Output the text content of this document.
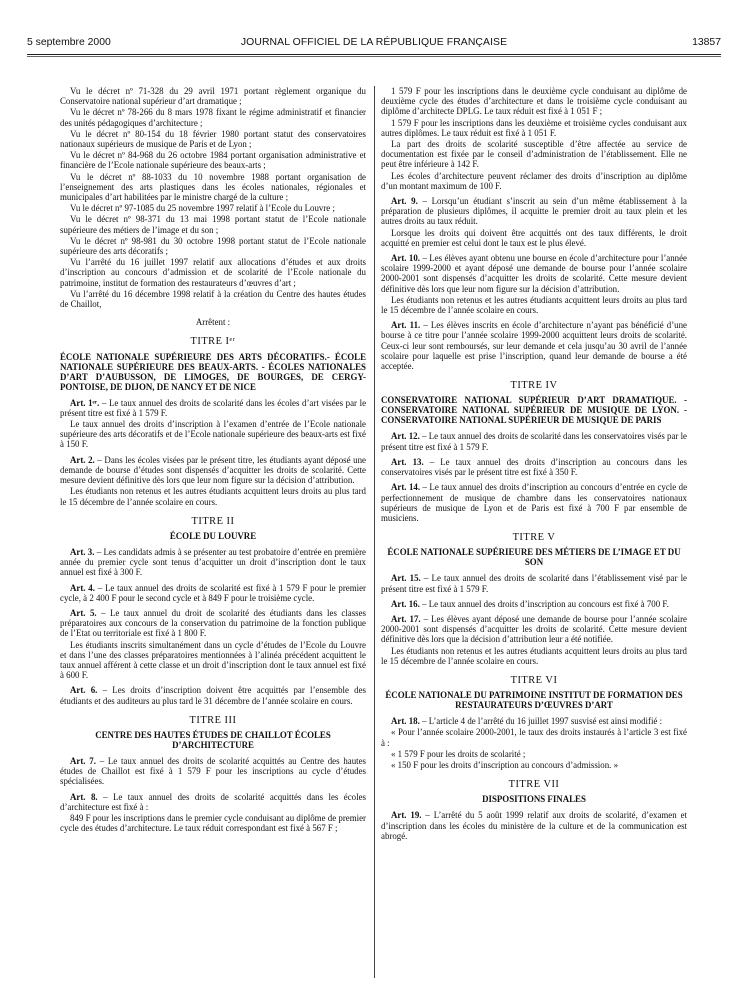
5 septembre 2000	JOURNAL OFFICIEL DE LA RÉPUBLIQUE FRANÇAISE	13857

Vu le décret nº 71-328 du 29 avril 1971 portant règlement organique du Conservatoire national supérieur d’art dramatique ;

Vu le décret nº 78-266 du 8 mars 1978 fixant le régime administratif et financier des unités pédagogiques d’architecture ;

Vu le décret nº 80-154 du 18 février 1980 portant statut des conservatoires nationaux supérieurs de musique de Paris et de Lyon ;

Vu le décret nº 84-968 du 26 octobre 1984 portant organisation administrative et financière de l’Ecole nationale supérieure des beaux-arts ;

Vu le décret nº 88-1033 du 10 novembre 1988 portant organisation de l’enseignement des arts plastiques dans les écoles nationales, régionales et municipales d’art habilitées par le ministre chargé de la culture ;

Vu le décret nº 97-1085 du 25 novembre 1997 relatif à l’Ecole du Louvre ;

Vu le décret nº 98-371 du 13 mai 1998 portant statut de l’Ecole nationale supérieure des métiers de l’image et du son ;

Vu le décret nº 98-981 du 30 octobre 1998 portant statut de l’Ecole nationale supérieure des arts décoratifs ;

Vu l’arrêté du 16 juillet 1997 relatif aux allocations d’études et aux droits d’inscription au concours d’admission et de scolarité de l’Ecole nationale du patrimoine, institut de formation des restaurateurs d’œuvres d’art ;

Vu l’arrêté du 16 décembre 1998 relatif à la création du Centre des hautes études de Chaillot,

Arrêtent :

TITRE Iᵉʳ
ÉCOLE NATIONALE SUPÉRIEURE DES ARTS DÉCORATIFS.- ÉCOLE NATIONALE SUPÉRIEURE DES BEAUX-ARTS. - ÉCOLES NATIONALES D’ART D’AUBUSSON, DE LIMOGES, DE BOURGES, DE CERGY-PONTOISE, DE DIJON, DE NANCY ET DE NICE

Art. 1ᵉʳ. – Le taux annuel des droits de scolarité dans les écoles d’art visées par le présent titre est fixé à 1 579 F.

Le taux annuel des droits d’inscription à l’examen d’entrée de l’Ecole nationale supérieure des arts décoratifs et de l’Ecole nationale supérieure des beaux-arts est fixé à 150 F.

Art. 2. – Dans les écoles visées par le présent titre, les étudiants ayant déposé une demande de bourse d’études sont dispensés d’acquitter les droits de scolarité. Cette mesure devient définitive dès lors que leur nom figure sur la décision d’attribution.

Les étudiants non retenus et les autres étudiants acquittent leurs droits au plus tard le 15 décembre de l’année scolaire en cours.

TITRE II
ÉCOLE DU LOUVRE

Art. 3. – Les candidats admis à se présenter au test probatoire d’entrée en première année du premier cycle sont tenus d’acquitter un droit d’inscription dont le taux annuel est fixé à 300 F.

Art. 4. – Le taux annuel des droits de scolarité est fixé à 1 579 F pour le premier cycle, à 2 400 F pour le second cycle et à 849 F pour le troisième cycle.

Art. 5. – Le taux annuel du droit de scolarité des étudiants dans les classes préparatoires aux concours de la conservation du patrimoine de la fonction publique de l’Etat ou territoriale est fixé à 1 800 F.

Les étudiants inscrits simultanément dans un cycle d’études de l’Ecole du Louvre et dans l’une des classes préparatoires mentionnées à l’alinéa précédent acquittent le taux annuel afférent à cette classe et un droit d’inscription dont le taux annuel est fixé à 600 F.

Art. 6. – Les droits d’inscription doivent être acquittés par l’ensemble des étudiants et des auditeurs au plus tard le 31 décembre de l’année scolaire en cours.

TITRE III
CENTRE DES HAUTES ÉTUDES DE CHAILLOT ÉCOLES D’ARCHITECTURE

Art. 7. – Le taux annuel des droits de scolarité acquittés au Centre des hautes études de Chaillot est fixé à 1 579 F pour les inscriptions au cycle d’études spécialisées.

Art. 8. – Le taux annuel des droits de scolarité acquittés dans les écoles d’architecture est fixé à :

849 F pour les inscriptions dans le premier cycle conduisant au diplôme de premier cycle des études d’architecture. Le taux réduit correspondant est fixé à 567 F ;

1 579 F pour les inscriptions dans le deuxième cycle conduisant au diplôme de deuxième cycle des études d’architecture et dans le troisième cycle conduisant au diplôme d’architecte DPLG. Le taux réduit est fixé à 1 051 F ;

1 579 F pour les inscriptions dans les deuxième et troisième cycles conduisant aux autres diplômes. Le taux réduit est fixé à 1 051 F.

La part des droits de scolarité susceptible d’être affectée au service de documentation est fixée par le conseil d’administration de l’établissement. Elle ne peut être inférieure à 142 F.

Les écoles d’architecture peuvent réclamer des droits d’inscription au diplôme d’un montant maximum de 100 F.

Art. 9. – Lorsqu’un étudiant s’inscrit au sein d’un même établissement à la préparation de plusieurs diplômes, il acquitte le premier droit au taux plein et les autres droits au taux réduit.

Lorsque les droits qui doivent être acquittés ont des taux différents, le droit acquitté en premier est celui dont le taux est le plus élevé.

Art. 10. – Les élèves ayant obtenu une bourse en école d’architecture pour l’année scolaire 1999-2000 et ayant déposé une demande de bourse pour l’année scolaire 2000-2001 sont dispensés d’acquitter les droits de scolarité. Cette mesure devient définitive dès lors que leur nom figure sur la décision d’attribution.

Les étudiants non retenus et les autres étudiants acquittent leurs droits au plus tard le 15 décembre de l’année scolaire en cours.

Art. 11. – Les élèves inscrits en école d’architecture n’ayant pas bénéficié d’une bourse à ce titre pour l’année scolaire 1999-2000 acquittent leurs droits de scolarité. Ceux-ci leur sont remboursés, sur leur demande et cela jusqu’au 30 avril de l’année scolaire pour laquelle est prise l’inscription, quand leur demande de bourse a été acceptée.

TITRE IV
CONSERVATOIRE NATIONAL SUPÉRIEUR D’ART DRAMATIQUE. - CONSERVATOIRE NATIONAL SUPÉRIEUR DE MUSIQUE DE LYON. - CONSERVATOIRE NATIONAL SUPÉRIEUR DE MUSIQUE DE PARIS

Art. 12. – Le taux annuel des droits de scolarité dans les conservatoires visés par le présent titre est fixé à 1 579 F.

Art. 13. – Le taux annuel des droits d’inscription au concours dans les conservatoires visés par le présent titre est fixé à 350 F.

Art. 14. – Le taux annuel des droits d’inscription au concours d’entrée en cycle de perfectionnement de musique de chambre dans les conservatoires nationaux supérieurs de musique de Lyon et de Paris est fixé à 700 F par ensemble de musiciens.

TITRE V
ÉCOLE NATIONALE SUPÉRIEURE DES MÉTIERS DE L’IMAGE ET DU SON

Art. 15. – Le taux annuel des droits de scolarité dans l’établissement visé par le présent titre est fixé à 1 579 F.

Art. 16. – Le taux annuel des droits d’inscription au concours est fixé à 700 F.

Art. 17. – Les élèves ayant déposé une demande de bourse pour l’année scolaire 2000-2001 sont dispensés d’acquitter les droits de scolarité. Cette mesure devient définitive dès lors que la décision d’attribution leur a été notifiée.

Les étudiants non retenus et les autres étudiants acquittent leurs droits au plus tard le 15 décembre de l’année scolaire en cours.

TITRE VI
ÉCOLE NATIONALE DU PATRIMOINE INSTITUT DE FORMATION DES RESTAURATEURS D’ŒUVRES D’ART

Art. 18. – L’article 4 de l’arrêté du 16 juillet 1997 susvisé est ainsi modifié :

« Pour l’année scolaire 2000-2001, le taux des droits instaurés à l’article 3 est fixé à :

« 1 579 F pour les droits de scolarité ;

« 150 F pour les droits d’inscription au concours d’admission. »

TITRE VII
DISPOSITIONS FINALES

Art. 19. – L’arrêté du 5 août 1999 relatif aux droits de scolarité, d’examen et d’inscription dans les écoles du ministère de la culture et de la communication est abrogé.
